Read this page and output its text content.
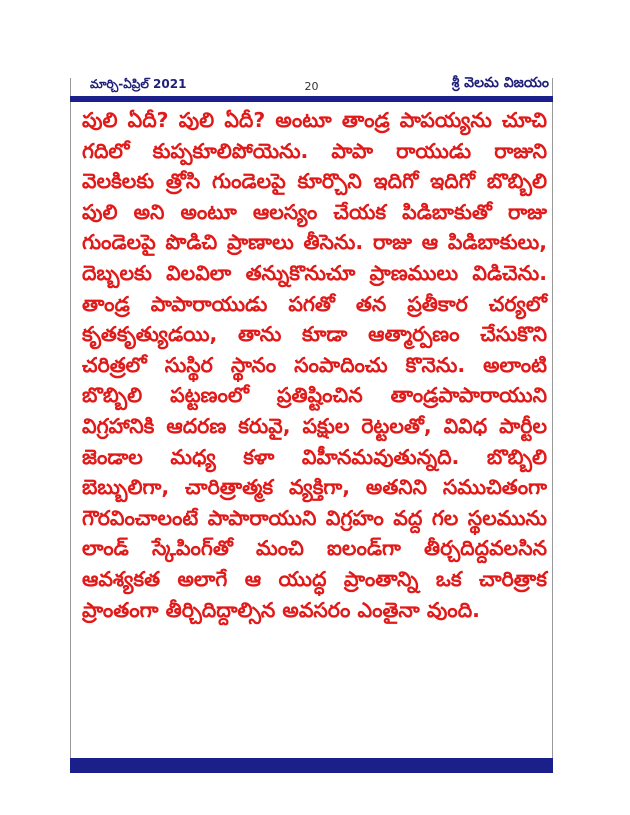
మార్చి-ఏప్రిల్ 2021	20	శ్రీ వెలమ విజయం

పులి ఏదీ? పులి ఏదీ? అంటూ తాండ్ర పాపయ్యను చూచి గదిలో కుప్పకూలిపోయెను. పాపా రాయుడు రాజుని వెలకిలకు త్రోసి గుండెలపై కూర్చొని ఇదిగో ఇదిగో బొబ్బిలి పులి అని అంటూ ఆలస్యం చేయక పిడిబాకుతో రాజు గుండెలపై పొడిచి ప్రాణాలు తీసెను. రాజు ఆ పిడిబాకులు, దెబ్బలకు విలవిలా తన్నుకొనుచూ ప్రాణములు విడిచెను. తాండ్ర పాపారాయుడు పగతో తన ప్రతీకార చర్యలో కృతకృత్యుడయి, తాను కూడా ఆత్మార్పణం చేసుకొని చరిత్రలో సుస్థిర స్థానం సంపాదించు కొనెను. అలాంటి బొబ్బిలి పట్టణంలో ప్రతిష్టించిన తాండ్రపాపారాయుని విగ్రహానికి ఆదరణ కరువై, పక్షుల రెట్టలతో, వివిధ పార్టీల జెండాల మధ్య కళా విహీనమవుతున్నది. బొబ్బిలి బెబ్బులిగా, చారిత్రాత్మక వ్యక్తిగా, అతనిని సముచితంగా గౌరవించాలంటే పాపారాయుని విగ్రహం వద్ద గల స్థలమును లాండ్ స్కేపింగ్‌తో మంచి ఐలండ్‌గా తీర్చదిద్దవలసిన ఆవశ్యకత అలాగే ఆ యుద్ధ ప్రాంతాన్ని ఒక చారిత్రాక ప్రాంతంగా తీర్చిదిద్దాల్సిన అవసరం ఎంతైనా వుంది.
